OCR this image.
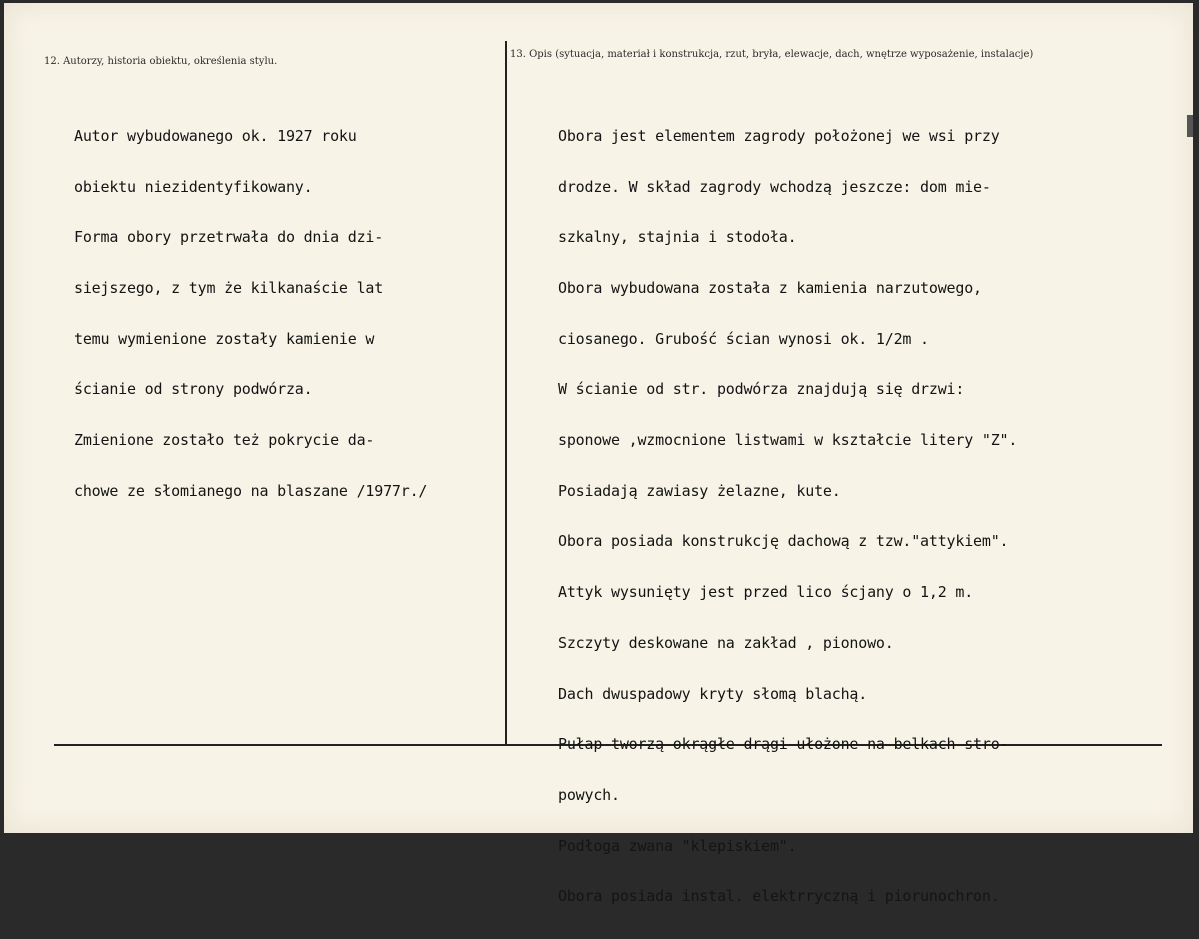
12. Autorzy, historia obiektu, określenia stylu.
13. Opis (sytuacja, materiał i konstrukcja, rzut, bryła, elewacje, dach, wnętrze wyposażenie, instalacje)

Autor wybudowanego ok. 1927 roku

obiektu niezidentyfikowany.

Forma obory przetrwała do dnia dzi-

siejszego, z tym że kilkanaście lat

temu wymienione zostały kamienie w

ścianie od strony podwórza.

Zmienione zostało też pokrycie da-

chowe ze słomianego na blaszane /1977r./

Obora jest elementem zagrody położonej we wsi przy

drodze. W skład zagrody wchodzą jeszcze: dom mie-

szkalny, stajnia i stodoła.

Obora wybudowana została z kamienia narzutowego,

ciosanego. Grubość ścian wynosi ok. 1/2m .

W ścianie od str. podwórza znajdują się drzwi:

sponowe ,wzmocnione listwami w kształcie litery "Z".

Posiadają zawiasy żelazne, kute.

Obora posiada konstrukcję dachową z tzw."attykiem".

Attyk wysunięty jest przed lico ścjany o 1,2 m.

Szczyty deskowane na zakład , pionowo.

Dach dwuspadowy kryty słomą blachą.

Pułap tworzą okrągłe drągi ułożone na belkach stro-

powych.

Podłoga zwana "klepiskiem".

Obora posiada instal. elektrryczną i piorunochron.
